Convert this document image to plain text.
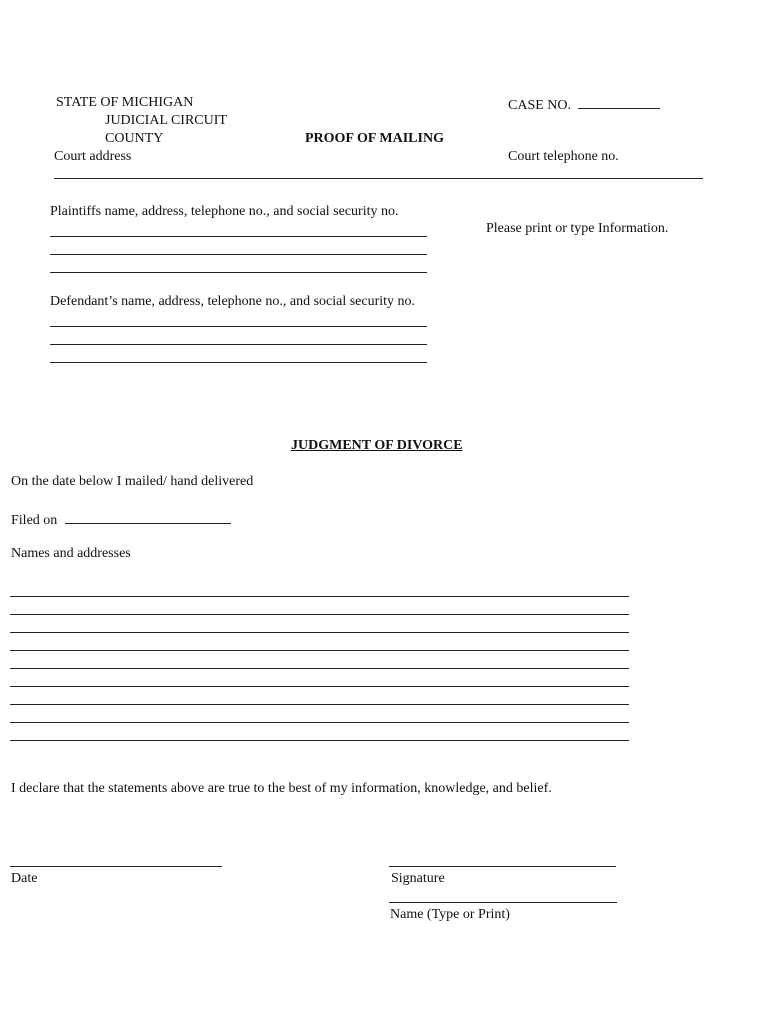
STATE OF MICHIGAN
JUDICIAL CIRCUIT
COUNTY
Court address
PROOF OF MAILING
CASE NO.
Court telephone no.
Plaintiffs name, address, telephone no., and social security no.
Please print or type Information.
Defendant’s name, address, telephone no., and social security no.
JUDGMENT OF DIVORCE
On the date below I mailed/ hand delivered
Filed on
Names and addresses
I declare that the statements above are true to the best of my information, knowledge, and belief.
Date	Signature
Name (Type or Print)
